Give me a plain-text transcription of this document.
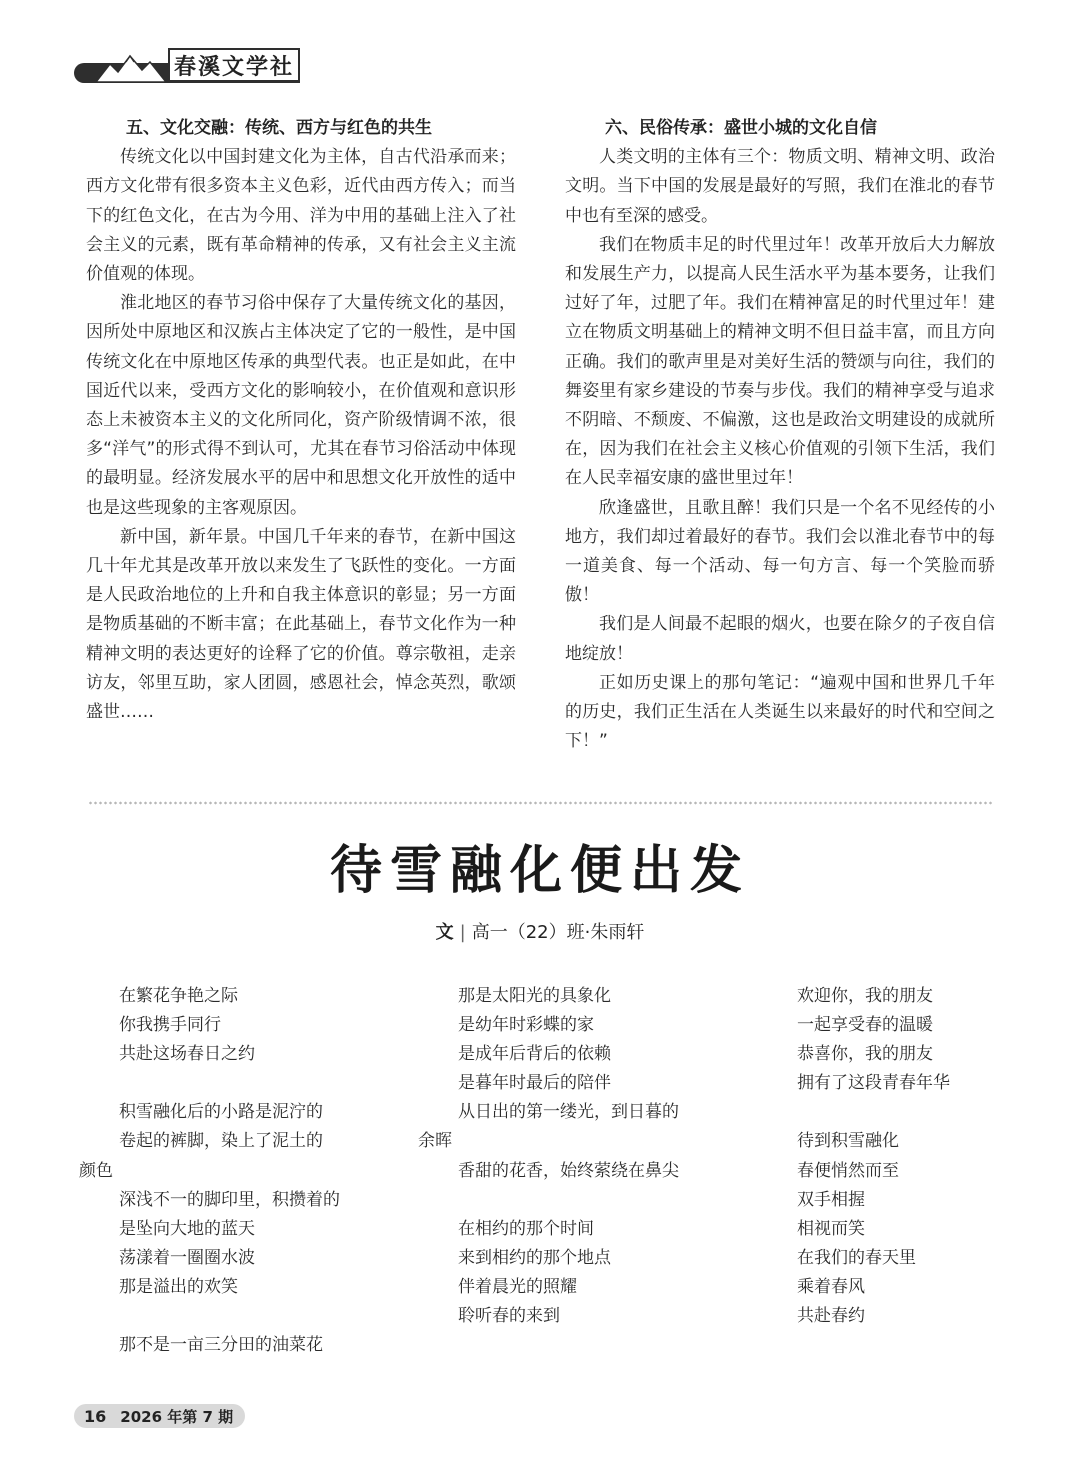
春溪文学社
五、文化交融：传统、西方与红色的共生

传统文化以中国封建文化为主体，自古代沿承而来；西方文化带有很多资本主义色彩，近代由西方传入；而当下的红色文化，在古为今用、洋为中用的基础上注入了社会主义的元素，既有革命精神的传承，又有社会主义主流价值观的体现。

淮北地区的春节习俗中保存了大量传统文化的基因，因所处中原地区和汉族占主体决定了它的一般性，是中国传统文化在中原地区传承的典型代表。也正是如此，在中国近代以来，受西方文化的影响较小，在价值观和意识形态上未被资本主义的文化所同化，资产阶级情调不浓，很多“洋气”的形式得不到认可，尤其在春节习俗活动中体现的最明显。经济发展水平的居中和思想文化开放性的适中也是这些现象的主客观原因。

新中国，新年景。中国几千年来的春节，在新中国这几十年尤其是改革开放以来发生了飞跃性的变化。一方面是人民政治地位的上升和自我主体意识的彰显；另一方面是物质基础的不断丰富；在此基础上，春节文化作为一种精神文明的表达更好的诠释了它的价值。尊宗敬祖，走亲访友，邻里互助，家人团圆，感恩社会，悼念英烈，歌颂盛世……

六、民俗传承：盛世小城的文化自信

人类文明的主体有三个：物质文明、精神文明、政治文明。当下中国的发展是最好的写照，我们在淮北的春节中也有至深的感受。

我们在物质丰足的时代里过年！改革开放后大力解放和发展生产力，以提高人民生活水平为基本要务，让我们过好了年，过肥了年。我们在精神富足的时代里过年！建立在物质文明基础上的精神文明不但日益丰富，而且方向正确。我们的歌声里是对美好生活的赞颂与向往，我们的舞姿里有家乡建设的节奏与步伐。我们的精神享受与追求不阴暗、不颓废、不偏激，这也是政治文明建设的成就所在，因为我们在社会主义核心价值观的引领下生活，我们在人民幸福安康的盛世里过年！

欣逢盛世，且歌且醉！我们只是一个名不见经传的小地方，我们却过着最好的春节。我们会以淮北春节中的每一道美食、每一个活动、每一句方言、每一个笑脸而骄傲！

我们是人间最不起眼的烟火，也要在除夕的子夜自信地绽放！

正如历史课上的那句笔记：“遍观中国和世界几千年的历史，我们正生活在人类诞生以来最好的时代和空间之下！”

待雪融化便出发
文 | 高一（22）班·朱雨轩
在繁花争艳之际
你我携手同行
共赴这场春日之约
积雪融化后的小路是泥泞的
卷起的裤脚，染上了泥土的
颜色
深浅不一的脚印里，积攒着的
是坠向大地的蓝天
荡漾着一圈圈水波
那是溢出的欢笑
那不是一亩三分田的油菜花
那是太阳光的具象化
是幼年时彩蝶的家
是成年后背后的依赖
是暮年时最后的陪伴
从日出的第一缕光，到日暮的
余晖
香甜的花香，始终萦绕在鼻尖
在相约的那个时间
来到相约的那个地点
伴着晨光的照耀
聆听春的来到
欢迎你，我的朋友
一起享受春的温暖
恭喜你，我的朋友
拥有了这段青春年华
待到积雪融化
春便悄然而至
双手相握
相视而笑
在我们的春天里
乘着春风
共赴春约
16 2026 年第 7 期
